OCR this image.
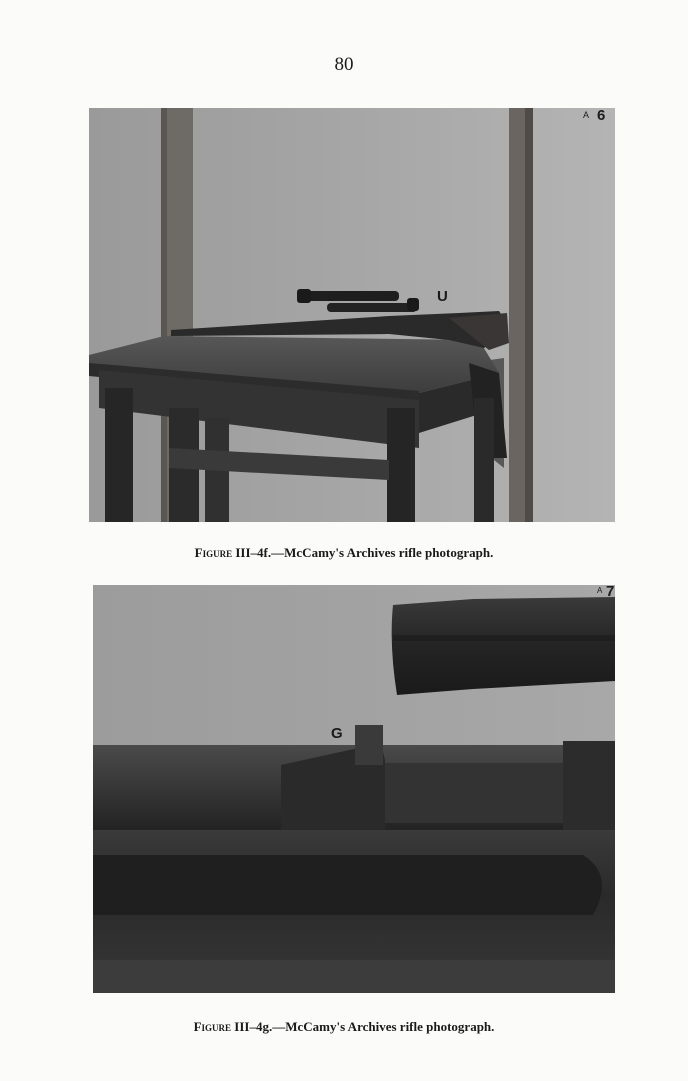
80
A 6
U
Figure III–4f.—McCamy's Archives rifle photograph.
A 7
G
Figure III–4g.—McCamy's Archives rifle photograph.
